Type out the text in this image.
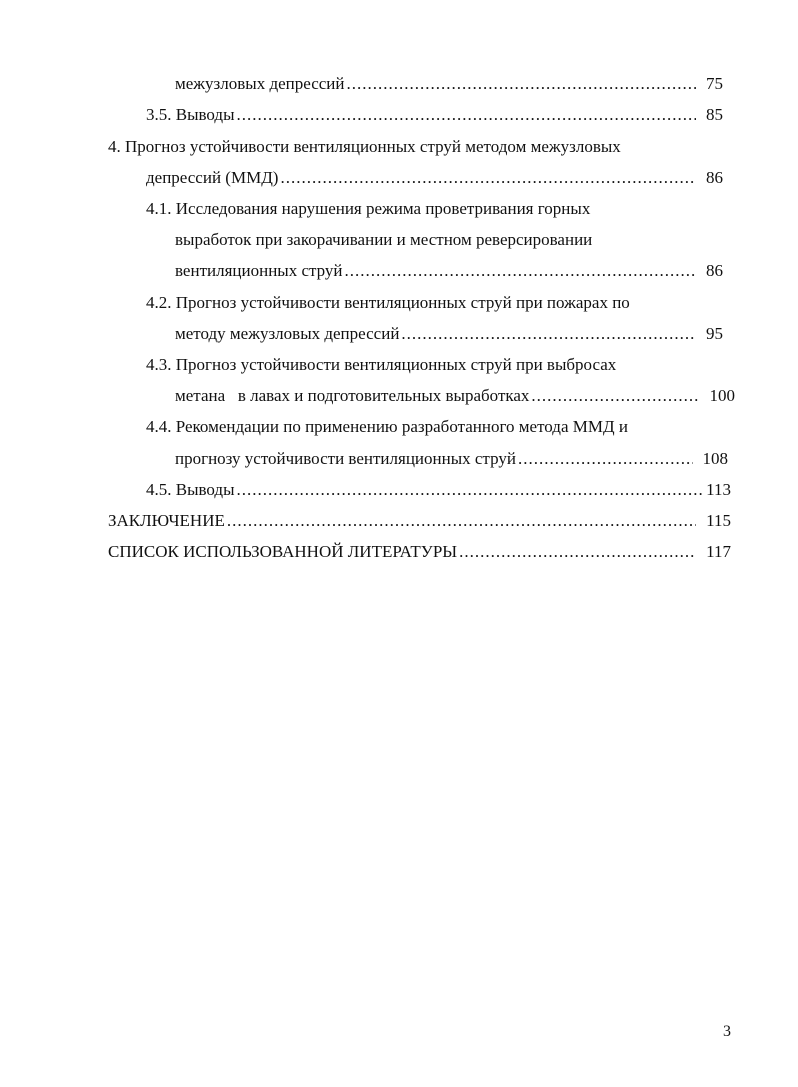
межузловых депрессий .....	75
3.5. Выводы .....	85
4. Прогноз устойчивости вентиляционных струй методом межузловых
депрессий (ММД) .....	86
4.1. Исследования нарушения режима проветривания горных
выработок при закорачивании и местном реверсировании
вентиляционных струй .....	86
4.2. Прогноз устойчивости вентиляционных струй при пожарах по
методу межузловых депрессий .....	95
4.3. Прогноз устойчивости вентиляционных струй при выбросах
метана   в лавах и подготовительных выработках .....	100
4.4. Рекомендации по применению разработанного метода ММД и
прогнозу устойчивости вентиляционных струй .....	108
4.5. Выводы .....	113
ЗАКЛЮЧЕНИЕ .....	115
СПИСОК ИСПОЛЬЗОВАННОЙ ЛИТЕРАТУРЫ .....	117
3
